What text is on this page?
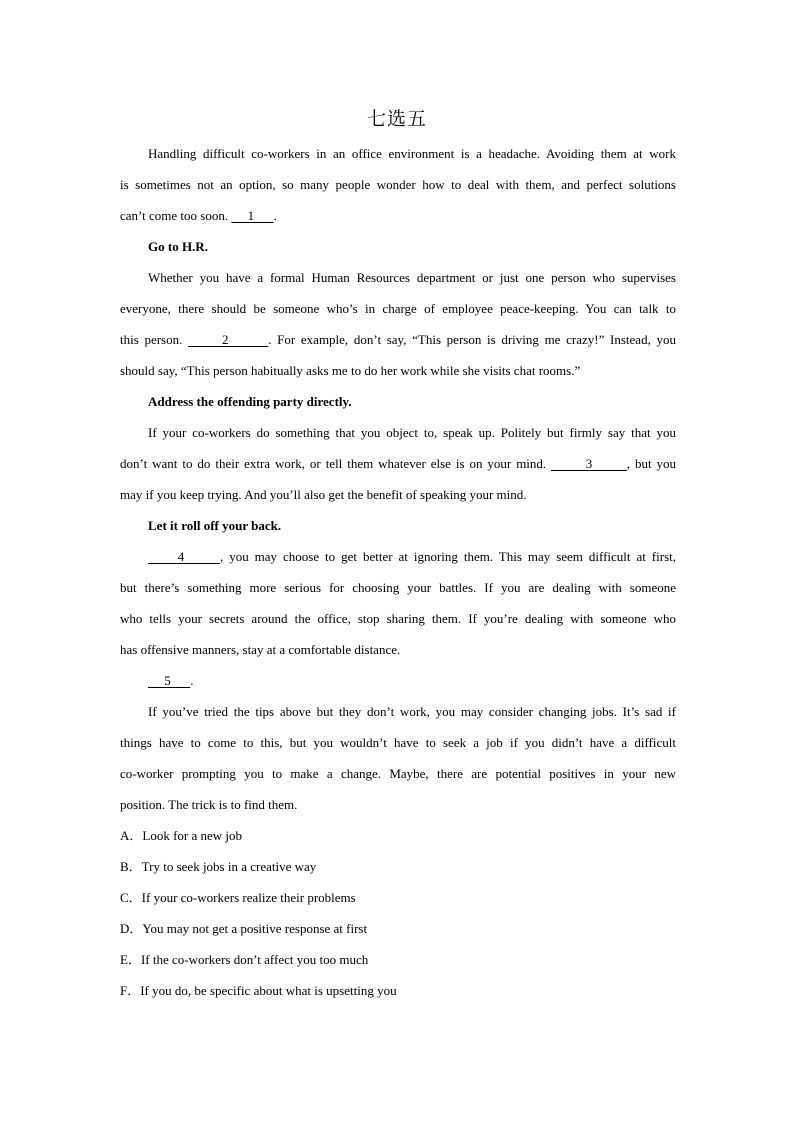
七选五
Handling difficult co-workers in an office environment is a headache. Avoiding them at work
is sometimes not an option, so many people wonder how to deal with them, and perfect solutions
can’t come too soon.      1      .
Go to H.R.
Whether you have a formal Human Resources department or just one person who supervises
everyone, there should be someone who’s in charge of employee peace-keeping. You can talk to
this person.       2       . For example, don’t say, “This person is driving me crazy!” Instead, you
should say, “This person habitually asks me to do her work while she visits chat rooms.”
Address the offending party directly.
If your co-workers do something that you object to, speak up. Politely but firmly say that you
don’t want to do their extra work, or tell them whatever else is on your mind.        3       , but you
may if you keep trying. And you’ll also get the benefit of speaking your mind.
Let it roll off your back.
4      , you may choose to get better at ignoring them. This may seem difficult at first,
but there’s something more serious for choosing your battles. If you are dealing with someone
who tells your secrets around the office, stop sharing them. If you’re dealing with someone who
has offensive manners, stay at a comfortable distance.
5      .
If you’ve tried the tips above but they don’t work, you may consider changing jobs. It’s sad if
things have to come to this, but you wouldn’t have to seek a job if you didn’t have a difficult
co-worker prompting you to make a change. Maybe, there are potential positives in your new
position. The trick is to find them.
A．Look for a new job
B．Try to seek jobs in a creative way
C．If your co-workers realize their problems
D．You may not get a positive response at first
E．If the co-workers don’t affect you too much
F．If you do, be specific about what is upsetting you
